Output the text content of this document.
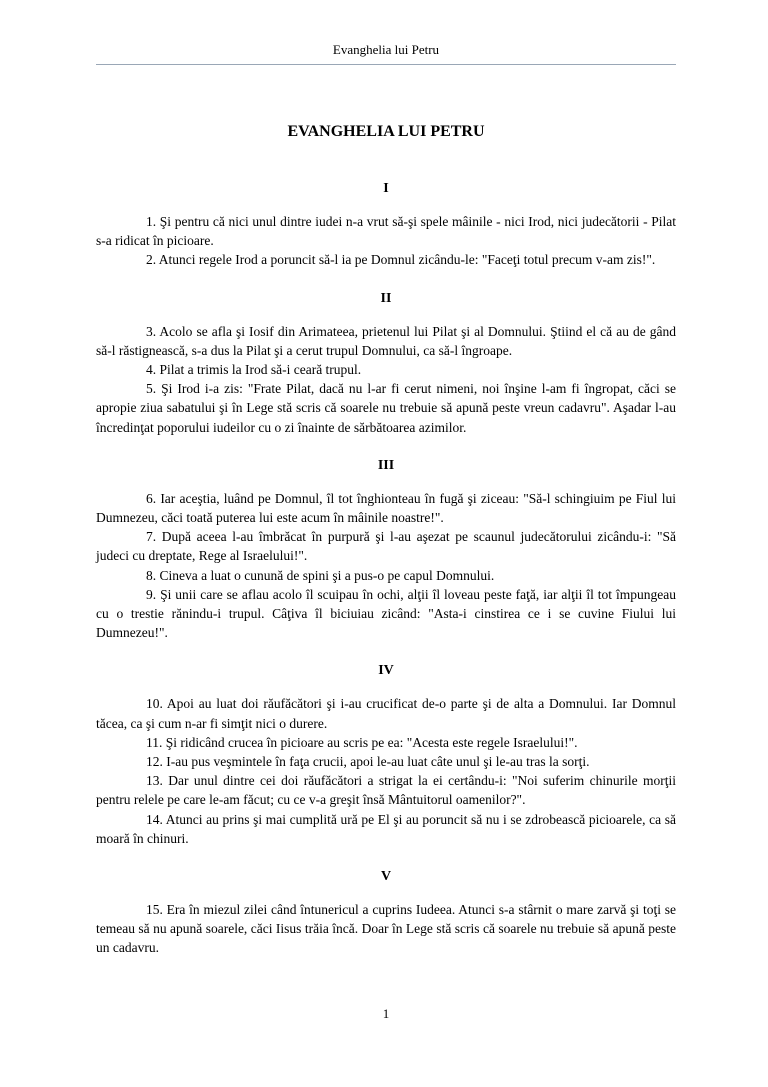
Evanghelia lui Petru
EVANGHELIA LUI PETRU
I

1. Şi pentru că nici unul dintre iudei n-a vrut să-şi spele mâinile - nici Irod, nici judecătorii - Pilat s-a ridicat în picioare.

2. Atunci regele Irod a poruncit să-l ia pe Domnul zicându-le: "Faceţi totul precum v-am zis!".

II

3. Acolo se afla şi Iosif din Arimateea, prietenul lui Pilat şi al Domnului. Ştiind el că au de gând să-l răstignească, s-a dus la Pilat şi a cerut trupul Domnului, ca să-l îngroape.

4. Pilat a trimis la Irod să-i ceară trupul.

5. Şi Irod i-a zis: "Frate Pilat, dacă nu l-ar fi cerut nimeni, noi înşine l-am fi îngropat, căci se apropie ziua sabatului şi în Lege stă scris că soarele nu trebuie să apună peste vreun cadavru". Aşadar l-au încredinţat poporului iudeilor cu o zi înainte de sărbătoarea azimilor.

III

6. Iar aceştia, luând pe Domnul, îl tot înghionteau în fugă şi ziceau: "Să-l schingiuim pe Fiul lui Dumnezeu, căci toată puterea lui este acum în mâinile noastre!".

7. După aceea l-au îmbrăcat în purpură şi l-au aşezat pe scaunul judecătorului zicându-i: "Să judeci cu dreptate, Rege al Israelului!".

8. Cineva a luat o cunună de spini şi a pus-o pe capul Domnului.

9. Şi unii care se aflau acolo îl scuipau în ochi, alţii îl loveau peste faţă, iar alţii îl tot împungeau cu o trestie rănindu-i trupul. Câţiva îl biciuiau zicând: "Asta-i cinstirea ce i se cuvine Fiului lui Dumnezeu!".

IV

10. Apoi au luat doi răufăcători şi i-au crucificat de-o parte şi de alta a Domnului. Iar Domnul tăcea, ca şi cum n-ar fi simţit nici o durere.

11. Şi ridicând crucea în picioare au scris pe ea: "Acesta este regele Israelului!".

12. I-au pus veşmintele în faţa crucii, apoi le-au luat câte unul şi le-au tras la sorţi.

13. Dar unul dintre cei doi răufăcători a strigat la ei certându-i: "Noi suferim chinurile morţii pentru relele pe care le-am făcut; cu ce v-a greşit însă Mântuitorul oamenilor?".

14. Atunci au prins şi mai cumplită ură pe El şi au poruncit să nu i se zdrobească picioarele, ca să moară în chinuri.

V

15. Era în miezul zilei când întunericul a cuprins Iudeea. Atunci s-a stârnit o mare zarvă şi toţi se temeau să nu apună soarele, căci Iisus trăia încă. Doar în Lege stă scris că soarele nu trebuie să apună peste un cadavru.

1
